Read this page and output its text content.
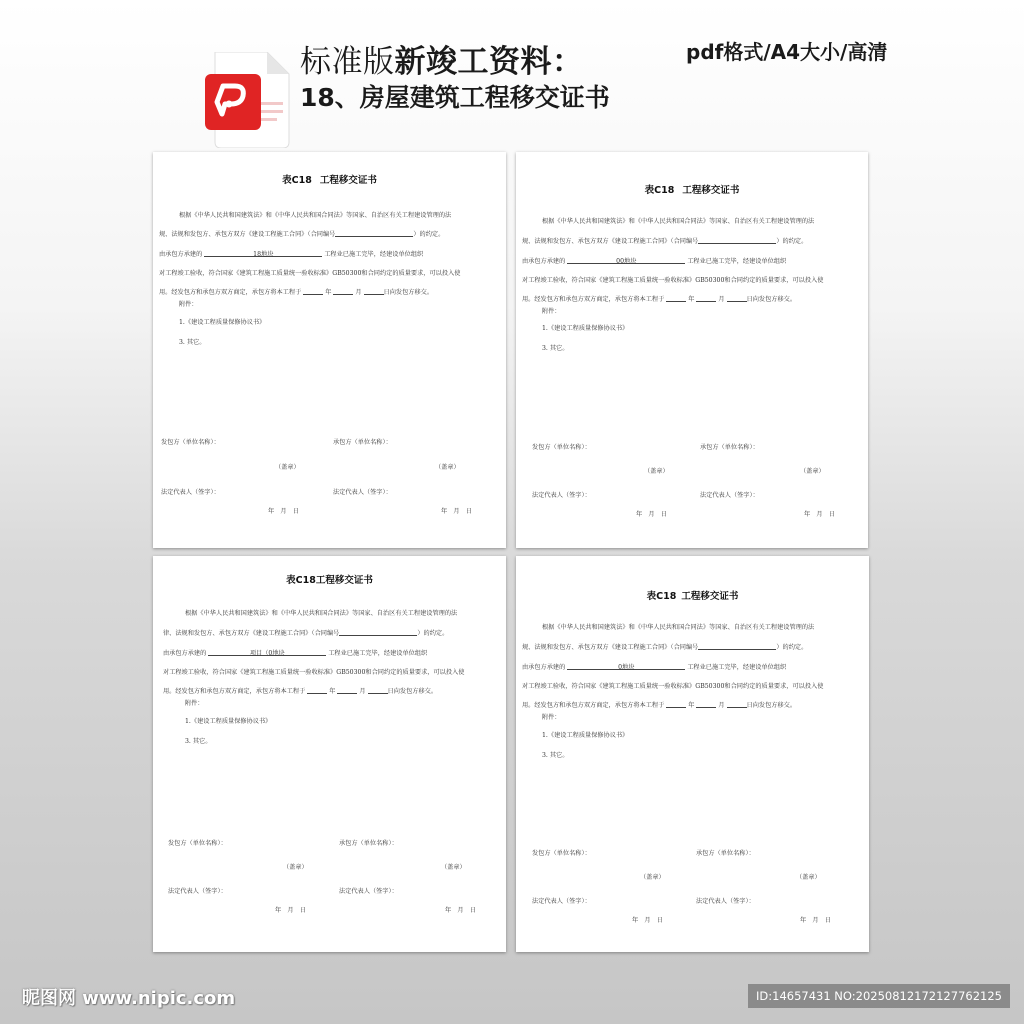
标准版新竣工资料：
18、房屋建筑工程移交证书
pdf格式/A4大小/高清
表C18 工程移交证书
根据《中华人民共和国建筑法》和《中华人民共和国合同法》等国家、自治区有关工程建设管理的法
规、法规和发包方、承包方双方《建设工程施工合同》（合同编号	）的约定。
由承包方承建的	18地块	工程业已施工完毕，经建设单位组织
对工程竣工验收，符合国家《建筑工程施工质量统一验收标准》GB50300和合同约定的质量要求，可以投入使
用。经发包方和承包方双方商定，承包方将本工程于	年	月	日向发包方移交。
附件：
1.《建设工程质量保修协议书》
3. 其它。
发包方（单位名称）：	承包方（单位名称）：
（盖章）	（盖章）
法定代表人（签字）：	法定代表人（签字）：
年　月　日	年　月　日
表C18 工程移交证书
根据《中华人民共和国建筑法》和《中华人民共和国合同法》等国家、自治区有关工程建设管理的法
规、法规和发包方、承包方双方《建设工程施工合同》（合同编号	）的约定。
由承包方承建的	00地块	工程业已施工完毕，经建设单位组织
对工程竣工验收，符合国家《建筑工程施工质量统一验收标准》GB50300和合同约定的质量要求，可以投入使
用。经发包方和承包方双方商定，承包方将本工程于	年	月	日向发包方移交。
附件：
1.《建设工程质量保修协议书》
3. 其它。
发包方（单位名称）：	承包方（单位名称）：
（盖章）	（盖章）
法定代表人（签字）：	法定代表人（签字）：
年　月　日	年　月　日
表C18工程移交证书
根据《中华人民共和国建筑法》和《中华人民共和国合同法》等国家、自治区有关工程建设管理的法
律、法规和发包方、承包方双方《建设工程施工合同》（合同编号	）的约定。
由承包方承建的	项目（0地块	工程业已施工完毕，经建设单位组织
对工程竣工验收，符合国家《建筑工程施工质量统一验收标准》GB50300和合同约定的质量要求，可以投入使
用。经发包方和承包方双方商定，承包方将本工程于	年	月	日向发包方移交。
附件：
1.《建设工程质量保修协议书》
3. 其它。
发包方（单位名称）：	承包方（单位名称）：
（盖章）	（盖章）
法定代表人（签字）：	法定代表人（签字）：
年　月　日	年　月　日
表C18 工程移交证书
根据《中华人民共和国建筑法》和《中华人民共和国合同法》等国家、自治区有关工程建设管理的法
规、法规和发包方、承包方双方《建设工程施工合同》（合同编号	）的约定。
由承包方承建的	0地块	工程业已施工完毕，经建设单位组织
对工程竣工验收，符合国家《建筑工程施工质量统一验收标准》GB50300和合同约定的质量要求，可以投入使
用。经发包方和承包方双方商定，承包方将本工程于	年	月	日向发包方移交。
附件：
1.《建设工程质量保修协议书》
3. 其它。
发包方（单位名称）：	承包方（单位名称）：
（盖章）	（盖章）
法定代表人（签字）：	法定代表人（签字）：
年　月　日	年　月　日
昵图网 www.nipic.com	ID:14657431 NO:20250812172127762125
